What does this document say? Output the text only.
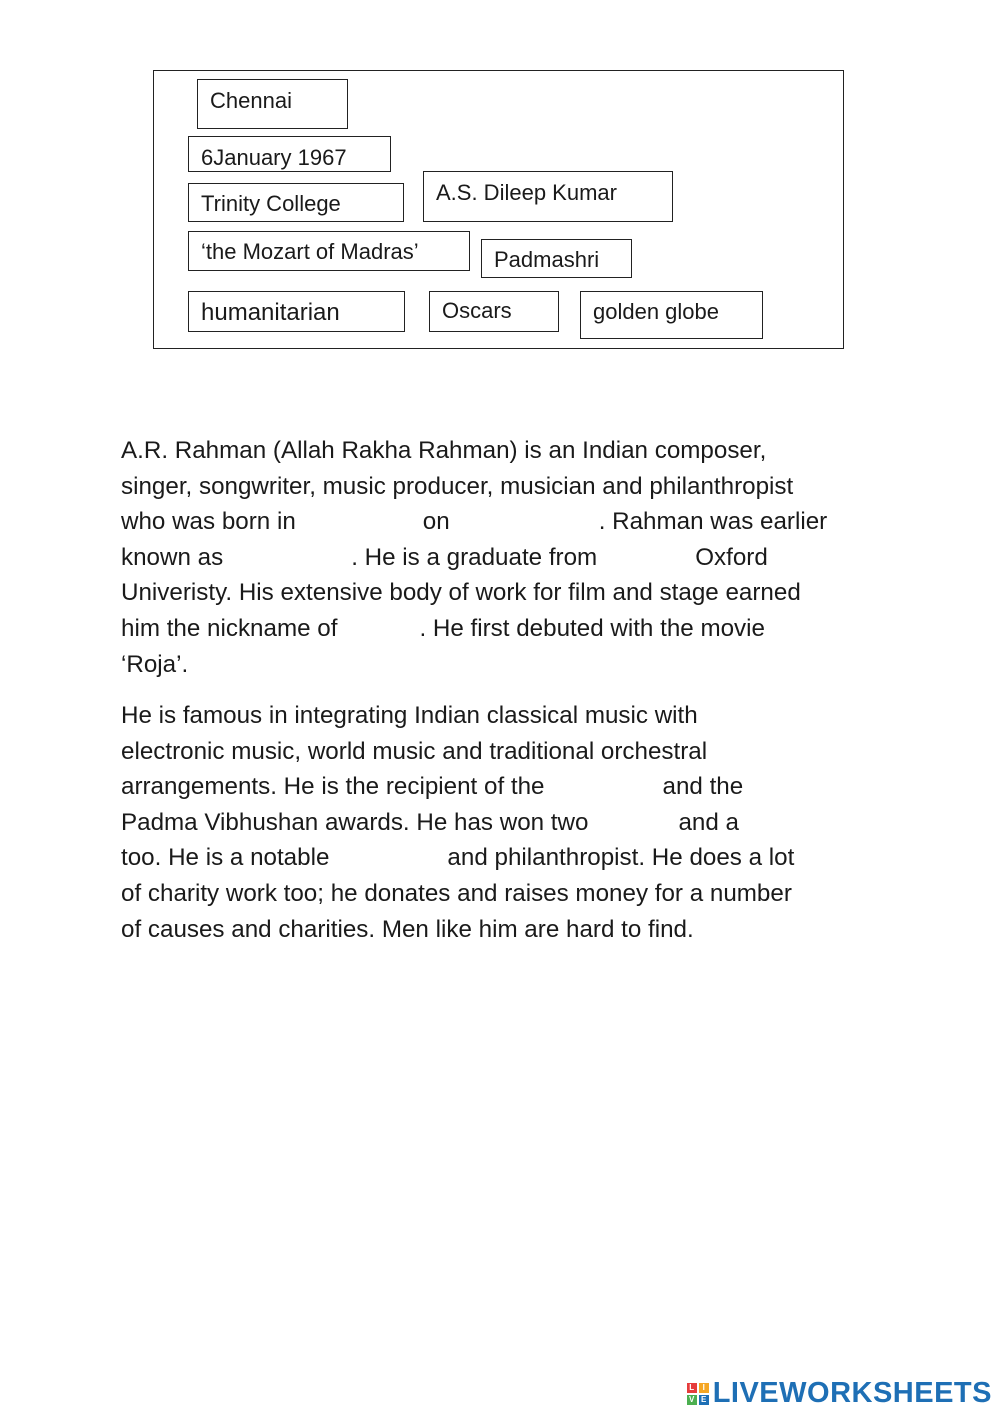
Chennai
6January 1967
Trinity College	A.S. Dileep Kumar
‘the Mozart of Madras’	Padmashri
humanitarian	Oscars	golden globe
A.R. Rahman (Allah Rakha Rahman) is an Indian composer,
singer, songwriter, music producer, musician and philanthropist
who was born in	on	. Rahman was earlier
known as	. He is a graduate from	Oxford
Univeristy. His extensive body of work for film and stage earned
him the nickname of	. He first debuted with the movie
‘Roja’.
He is famous in integrating Indian classical music with
electronic music, world music and traditional orchestral
arrangements. He is the recipient of the	and the
Padma Vibhushan awards. He has won two	and a
too. He is a notable	and philanthropist. He does a lot
of charity work too; he donates and raises money for a number
of causes and charities. Men like him are hard to find.
L	I
V E LIVEWORKSHEETS
